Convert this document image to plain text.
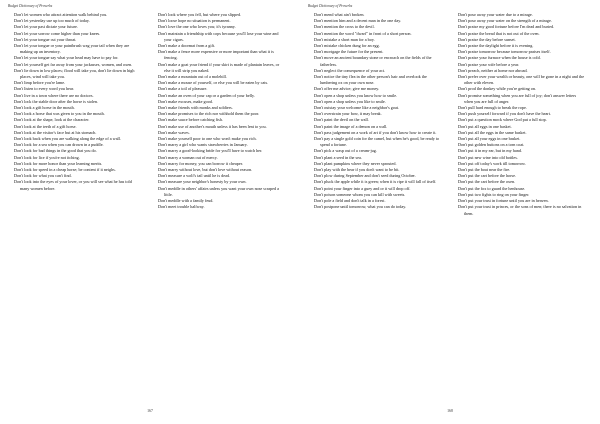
Budget Dictionary of Proverbs
Don't let women who attract attention walk behind you.
Don't let yesterday use up too much of today.
Don't let your past dictate your future.
Don't let your sorrow come higher than your knees.
Don't let your tongue cut your throat.
Don't let your tongue or your paintbrush wag your tail when they are making up an inventory.
Don't let your tongue say what your head may have to pay for.
Don't let yourself get far away from your jackasses, women, and oxen.
Don't lie down in low places; flood will take you, don't lie down in high places, wind will take you.
Don't limp before you're lame.
Don't listen to every word you hear.
Don't live in a town where there are no doctors.
Don't lock the stable door after the horse is stolen.
Don't look a gift horse in the mouth.
Don't look a horse that was given to you in the mouth.
Don't look at the shape, look at the character.
Don't look at the teeth of a gift horse.
Don't look at the visitor's face but at his stomach.
Don't look back when you are walking along the edge of a wall.
Don't look for a sea when you can drown in a puddle.
Don't look for bad things in the good that you do.
Don't look for lice if you're not itching.
Don't look for more honor than your learning merits.
Don't look for speed in a cheap horse; be content if it neighs.
Don't look for what you can't find.
Don't look into the eyes of your lover, or you will see what he has told many women before.
Don't look where you fell, but where you slipped.
Don't loose hope no situation is permanent.
Don't love the one who loves you; it's tyranny.
Don't maintain a friendship with cops because you'll lose your wine and your cigars.
Don't make a doormat from a gift.
Don't make a fence more expensive or more important than what it is fencing.
Don't make a goat your friend if your skirt is made of plantain leaves, or else it will strip you naked.
Don't make a mountain out of a molehill.
Don't make a mouse of yourself, or else you will be eaten by cats.
Don't make a toil of pleasure.
Don't make an oven of your cap or a garden of your belly.
Don't make excuses, make good.
Don't make friends with monks and soldiers.
Don't make promises to the rich nor withhold them the poor.
Don't make sauce before catching fish.
Don't make use of another's mouth unless it has been lent to you.
Don't make waves.
Don't make yourself poor to one who won't make you rich.
Don't marry a girl who wants strawberries in January.
Don't marry a good-looking bride for you'll have to watch her.
Don't marry a woman out of mercy.
Don't marry for money, you can borrow it cheaper.
Don't marry without love, but don't love without reason.
Don't measure a wolf's tail until he is dead.
Don't measure your neighbor's honesty by your own.
Don't meddle in others' affairs unless you want your own nose scraped a little.
Don't meddle with a family feud.
Don't meet trouble halfway.
167
Budget Dictionary of Proverbs
Don't mend what ain't broken.
Don't mention him and a decent man in the one day.
Don't mention the cross to the devil.
Don't mention the word "dwarf" in front of a short person.
Don't mistake a short man for a boy.
Don't mistake chicken dung for an egg.
Don't mortgage the future for the present.
Don't move an ancient boundary stone or encroach on the fields of the fatherless.
Don't neglect the consequence of your act.
Don't notice the tiny flea in the other person's hair and overlook the lumbering ox on your own nose.
Don't offer me advice; give me money.
Don't open a shop unless you know how to smile.
Don't open a shop unless you like to smile.
Don't outstay your welcome like a neighbor's goat.
Don't overstrain your bow, it may break.
Don't paint the devil on the wall.
Don't paint the image of a demon on a wall.
Don't pass judgement on a work of art if you don't know how to create it.
Don't pay a single gold coin for the camel, but when he's good, be ready to spend a fortune.
Don't pick a wasp out of a cream-jug.
Don't plant a seed in the sea.
Don't plant pumpkins where they never sprouted.
Don't play with the bear if you don't want to be bit.
Don't plow during September and don't seed during October.
Don't pluck the apple while it is green; when it is ripe it will fall of itself.
Don't point your finger into a guey and or it will drop off.
Don't poison someone whom you can kill with sweets.
Don't pole a field and don't talk in a forest.
Don't postpone until tomorrow, what you can do today.
Don't pour away your water due to a mirage.
Don't pour away your water on the strength of a mirage.
Don't praise my good fortune before I'm dead and buried.
Don't praise the bread that is not out of the oven.
Don't praise the day before sunset.
Don't praise the daylight before it is evening.
Don't praise tomorrow because tomorrow praises itself.
Don't praise your furnace when the house is cold.
Don't praise your wife before a year.
Don't preach, neither at home nor abroad.
Don't prefer over your wealth or beauty, one will be gone in a night and the other with eleven.
Don't prod the donkey while you're getting on.
Don't promise something when you are full of joy; don't answer letters when you are full of anger.
Don't pull hard enough to break the rope.
Don't push yourself forward if you don't have the heart.
Don't put a question mock where God put a full stop.
Don't put all eggs in one basket.
Don't put all the eggs in the same basket.
Don't put all your eggs in one basket.
Don't put golden buttons on a torn coat.
Don't put it in my ear, but in my hand.
Don't put new wine into old bottles.
Don't put off today's work till tomorrow.
Don't put the boat near the fire.
Don't put the cart before the horse.
Don't put the cart before the oxen.
Don't put the fox to guard the henhouse.
Don't put two fights to ring on your finger.
Don't put your trust in fortune until you are in heaven.
Don't put your trust in princes, or the sons of men; there is no salvation in them.
168
